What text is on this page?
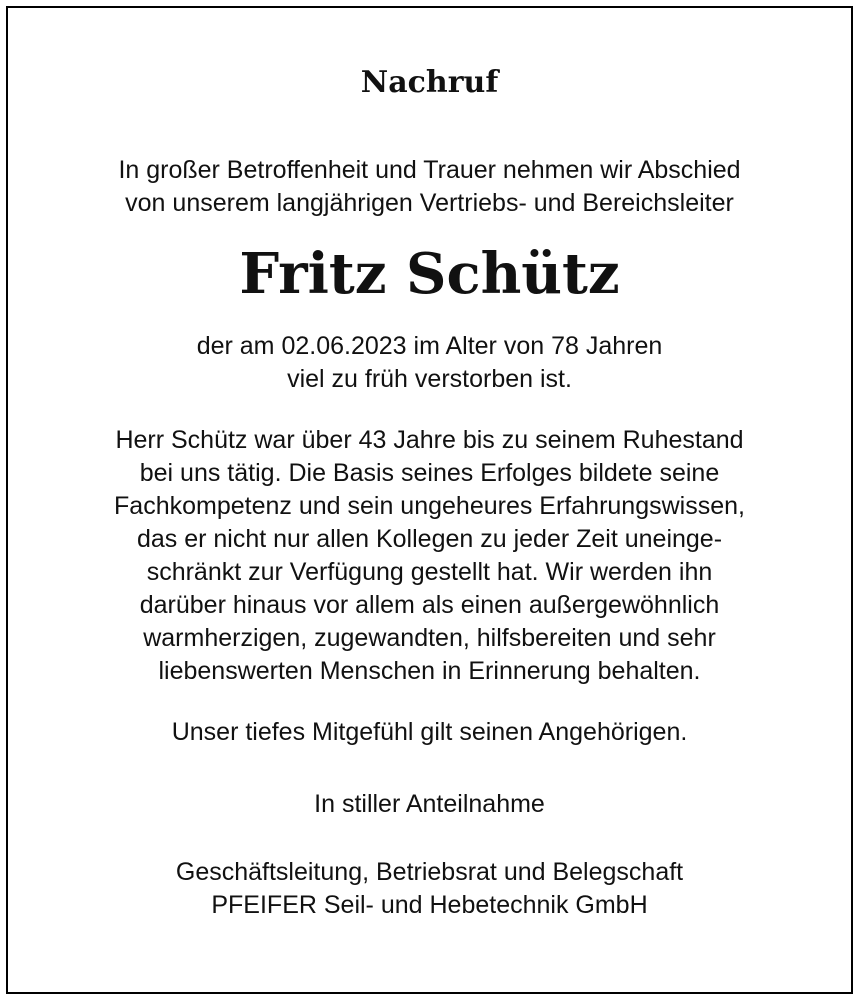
Nachruf

In großer Betroffenheit und Trauer nehmen wir Abschied
von unserem langjährigen Vertriebs- und Bereichsleiter

Fritz Schütz

der am 02.06.2023 im Alter von 78 Jahren
viel zu früh verstorben ist.

Herr Schütz war über 43 Jahre bis zu seinem Ruhestand
bei uns tätig. Die Basis seines Erfolges bildete seine
Fachkompetenz und sein ungeheures Erfahrungswissen,
das er nicht nur allen Kollegen zu jeder Zeit uneinge-
schränkt zur Verfügung gestellt hat. Wir werden ihn
darüber hinaus vor allem als einen außergewöhnlich
warmherzigen, zugewandten, hilfsbereiten und sehr
liebenswerten Menschen in Erinnerung behalten.

Unser tiefes Mitgefühl gilt seinen Angehörigen.

In stiller Anteilnahme

Geschäftsleitung, Betriebsrat und Belegschaft
PFEIFER Seil- und Hebetechnik GmbH
